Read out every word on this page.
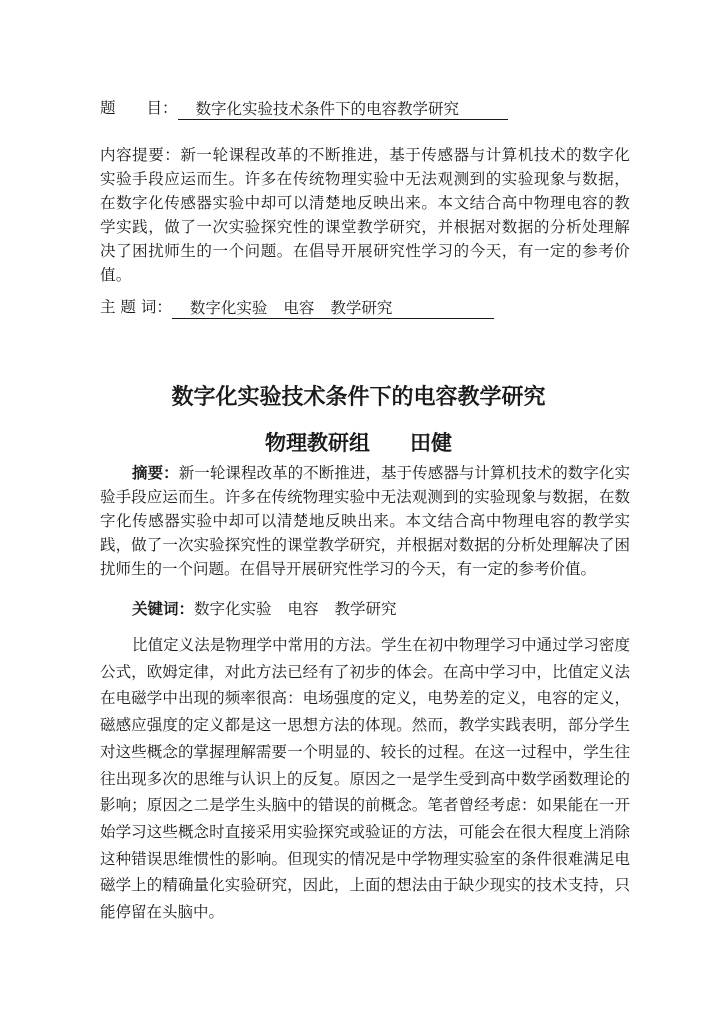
题　　目：	数字化实验技术条件下的电容教学研究
内容提要：新一轮课程改革的不断推进，基于传感器与计算机技术的数字化实验手段应运而生。许多在传统物理实验中无法观测到的实验现象与数据，在数字化传感器实验中却可以清楚地反映出来。本文结合高中物理电容的教学实践，做了一次实验探究性的课堂教学研究，并根据对数据的分析处理解决了困扰师生的一个问题。在倡导开展研究性学习的今天，有一定的参考价值。
主 题 词：	数字化实验 电容 教学研究
数字化实验技术条件下的电容教学研究
物理教研组 田健
摘要：新一轮课程改革的不断推进，基于传感器与计算机技术的数字化实验手段应运而生。许多在传统物理实验中无法观测到的实验现象与数据，在数字化传感器实验中却可以清楚地反映出来。本文结合高中物理电容的教学实践，做了一次实验探究性的课堂教学研究，并根据对数据的分析处理解决了困扰师生的一个问题。在倡导开展研究性学习的今天，有一定的参考价值。
关键词：数字化实验 电容 教学研究
比值定义法是物理学中常用的方法。学生在初中物理学习中通过学习密度公式，欧姆定律，对此方法已经有了初步的体会。在高中学习中，比值定义法在电磁学中出现的频率很高：电场强度的定义，电势差的定义，电容的定义，磁感应强度的定义都是这一思想方法的体现。然而，教学实践表明，部分学生对这些概念的掌握理解需要一个明显的、较长的过程。在这一过程中，学生往往出现多次的思维与认识上的反复。原因之一是学生受到高中数学函数理论的影响；原因之二是学生头脑中的错误的前概念。笔者曾经考虑：如果能在一开始学习这些概念时直接采用实验探究或验证的方法，可能会在很大程度上消除这种错误思维惯性的影响。但现实的情况是中学物理实验室的条件很难满足电磁学上的精确量化实验研究，因此，上面的想法由于缺少现实的技术支持，只能停留在头脑中。
